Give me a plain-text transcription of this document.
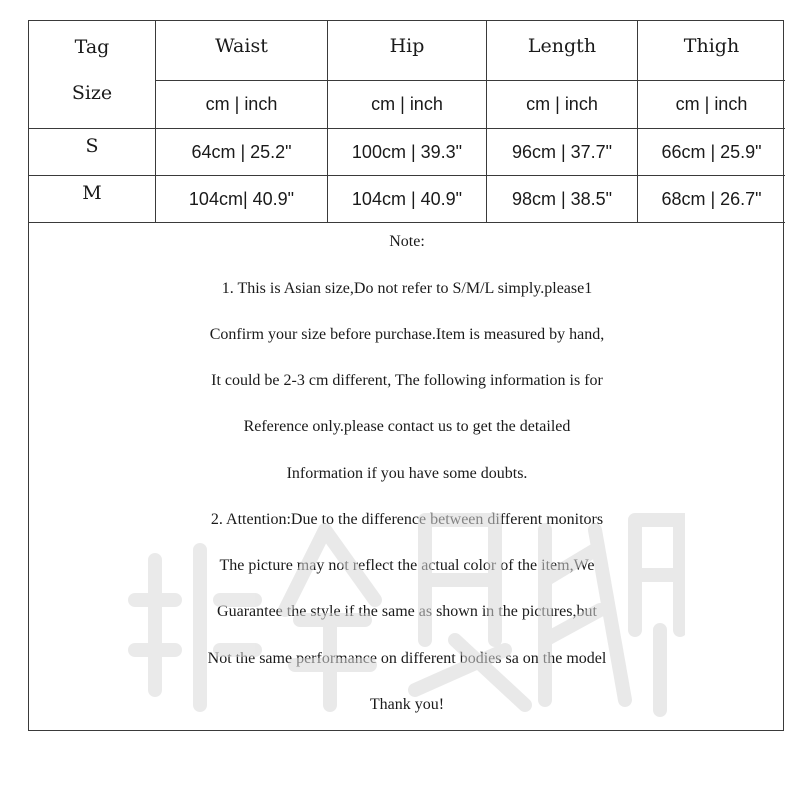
Tag
Size
Waist	Hip	Length	Thigh
cm | inch	cm | inch	cm | inch	cm | inch
S	64cm | 25.2"	100cm | 39.3"	96cm | 37.7"	66cm | 25.9"
M	104cm| 40.9"	104cm | 40.9"	98cm | 38.5"	68cm | 26.7"
Note:
1. This is Asian size,Do not refer to S/M/L simply.please1
Confirm your size before purchase.Item is measured by hand,
It could be 2-3 cm different, The following information is for
Reference only.please contact us to get the detailed
Information if you have some doubts.
2. Attention:Due to the difference between different monitors
The picture may not reflect the actual color of the item,We
Guarantee the style if the same as shown in the pictures,but
Not the same performance on different bodies sa on the model
Thank you!
